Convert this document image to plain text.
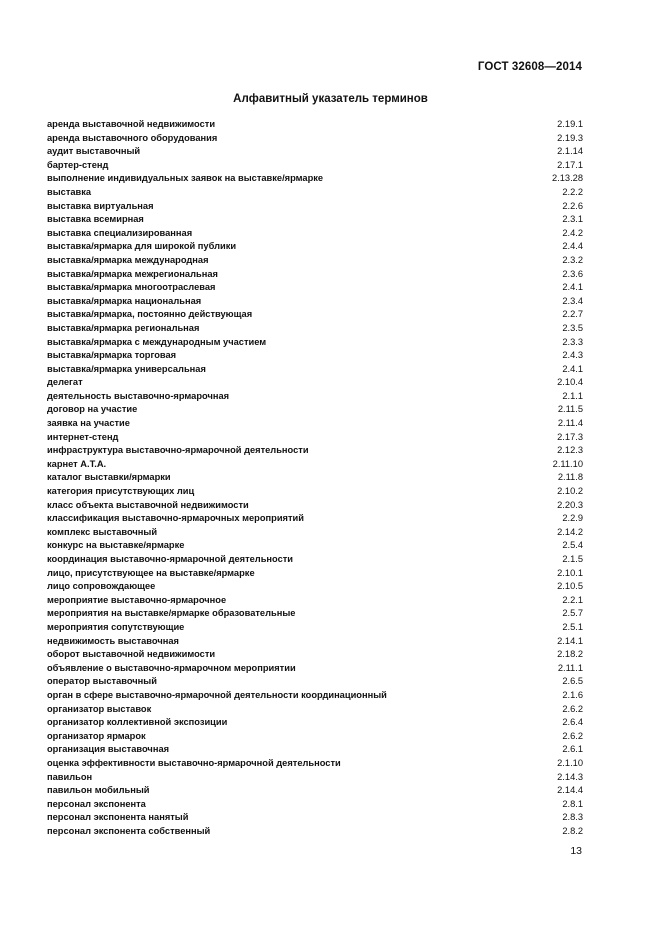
ГОСТ 32608—2014
Алфавитный указатель терминов
аренда выставочной недвижимости	2.19.1
аренда выставочного оборудования	2.19.3
аудит выставочный	2.1.14
бартер-стенд	2.17.1
выполнение индивидуальных заявок на выставке/ярмарке	2.13.28
выставка	2.2.2
выставка виртуальная	2.2.6
выставка всемирная	2.3.1
выставка специализированная	2.4.2
выставка/ярмарка для широкой публики	2.4.4
выставка/ярмарка международная	2.3.2
выставка/ярмарка межрегиональная	2.3.6
выставка/ярмарка многоотраслевая	2.4.1
выставка/ярмарка национальная	2.3.4
выставка/ярмарка, постоянно действующая	2.2.7
выставка/ярмарка региональная	2.3.5
выставка/ярмарка с международным участием	2.3.3
выставка/ярмарка торговая	2.4.3
выставка/ярмарка универсальная	2.4.1
делегат	2.10.4
деятельность выставочно-ярмарочная	2.1.1
договор на участие	2.11.5
заявка на участие	2.11.4
интернет-стенд	2.17.3
инфраструктура выставочно-ярмарочной деятельности	2.12.3
карнет A.T.A.	2.11.10
каталог выставки/ярмарки	2.11.8
категория присутствующих лиц	2.10.2
класс объекта выставочной недвижимости	2.20.3
классификация выставочно-ярмарочных мероприятий	2.2.9
комплекс выставочный	2.14.2
конкурс на выставке/ярмарке	2.5.4
координация выставочно-ярмарочной деятельности	2.1.5
лицо, присутствующее на выставке/ярмарке	2.10.1
лицо сопровождающее	2.10.5
мероприятие выставочно-ярмарочное	2.2.1
мероприятия на выставке/ярмарке образовательные	2.5.7
мероприятия сопутствующие	2.5.1
недвижимость выставочная	2.14.1
оборот выставочной недвижимости	2.18.2
объявление о выставочно-ярмарочном мероприятии	2.11.1
оператор выставочный	2.6.5
орган в сфере выставочно-ярмарочной деятельности координационный	2.1.6
организатор выставок	2.6.2
организатор коллективной экспозиции	2.6.4
организатор ярмарок	2.6.2
организация выставочная	2.6.1
оценка эффективности выставочно-ярмарочной деятельности	2.1.10
павильон	2.14.3
павильон мобильный	2.14.4
персонал экспонента	2.8.1
персонал экспонента нанятый	2.8.3
персонал экспонента собственный	2.8.2
13
